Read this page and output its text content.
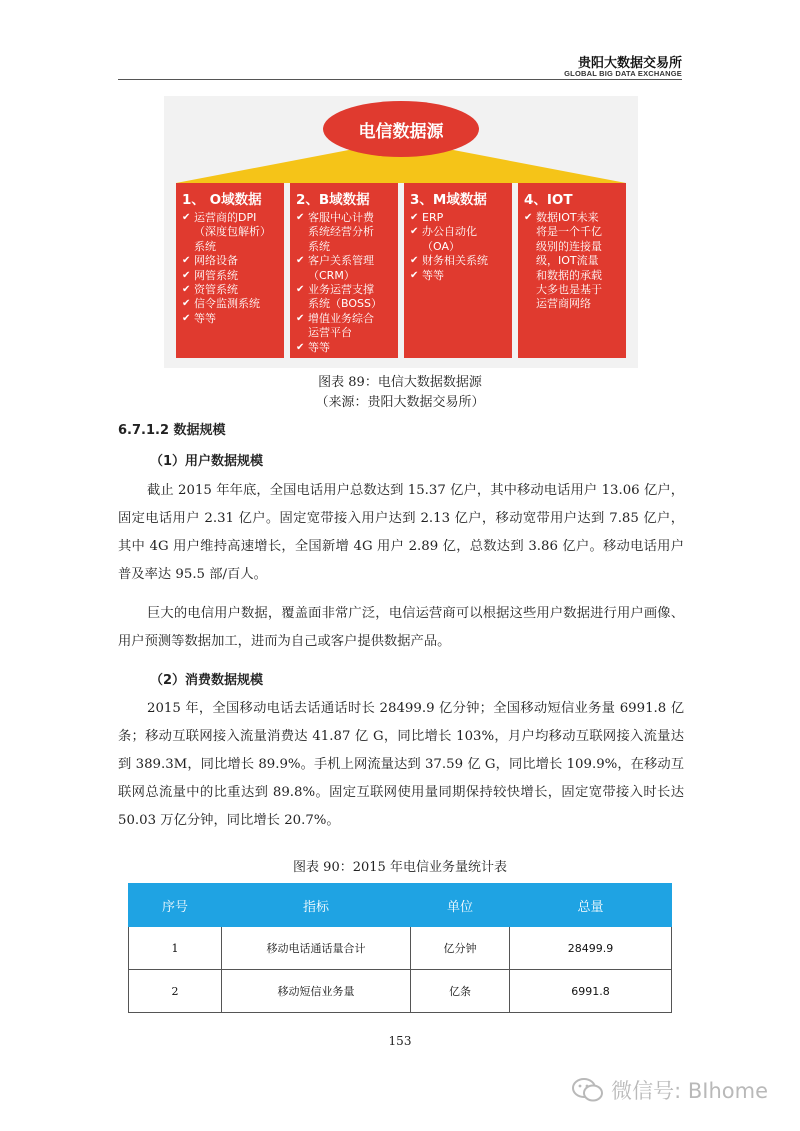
贵阳大数据交易所
GLOBAL BIG DATA EXCHANGE
电信数据源
1、 O域数据
✔ 运营商的DPI
（深度包解析）
系统
✔ 网络设备
✔ 网管系统
✔ 资管系统
✔ 信令监测系统
✔ 等等
2、B域数据
✔ 客服中心计费
系统经营分析
系统
✔ 客户关系管理
（CRM）
✔ 业务运营支撑
系统（BOSS）
✔ 增值业务综合
运营平台
✔ 等等
3、M域数据
✔ ERP
✔ 办公自动化
（OA）
✔ 财务相关系统
✔ 等等
4、IOT
✔ 数据IOT未来
将是一个千亿
级别的连接量
级，IOT流量
和数据的承载
大多也是基于
运营商网络
图表 89：电信大数据数据源
（来源：贵阳大数据交易所）
6.7.1.2 数据规模
（1）用户数据规模
截止 2015 年年底，全国电话用户总数达到 15.37 亿户，其中移动电话用户 13.06 亿户，固定电话用户 2.31 亿户。固定宽带接入用户达到 2.13 亿户，移动宽带用户达到 7.85 亿户，其中 4G 用户维持高速增长，全国新增 4G 用户 2.89 亿，总数达到 3.86 亿户。移动电话用户普及率达 95.5 部/百人。
巨大的电信用户数据，覆盖面非常广泛，电信运营商可以根据这些用户数据进行用户画像、用户预测等数据加工，进而为自己或客户提供数据产品。
（2）消费数据规模
2015 年，全国移动电话去话通话时长 28499.9 亿分钟；全国移动短信业务量 6991.8 亿条；移动互联网接入流量消费达 41.87 亿 G，同比增长 103%，月户均移动互联网接入流量达到 389.3M，同比增长 89.9%。手机上网流量达到 37.59 亿 G，同比增长 109.9%，在移动互联网总流量中的比重达到 89.8%。固定互联网使用量同期保持较快增长，固定宽带接入时长达 50.03 万亿分钟，同比增长 20.7%。
图表 90：2015 年电信业务量统计表
序号	指标	单位	总量
1	移动电话通话量合计	亿分钟	28499.9
2	移动短信业务量	亿条	6991.8
153
微信号: BIhome
